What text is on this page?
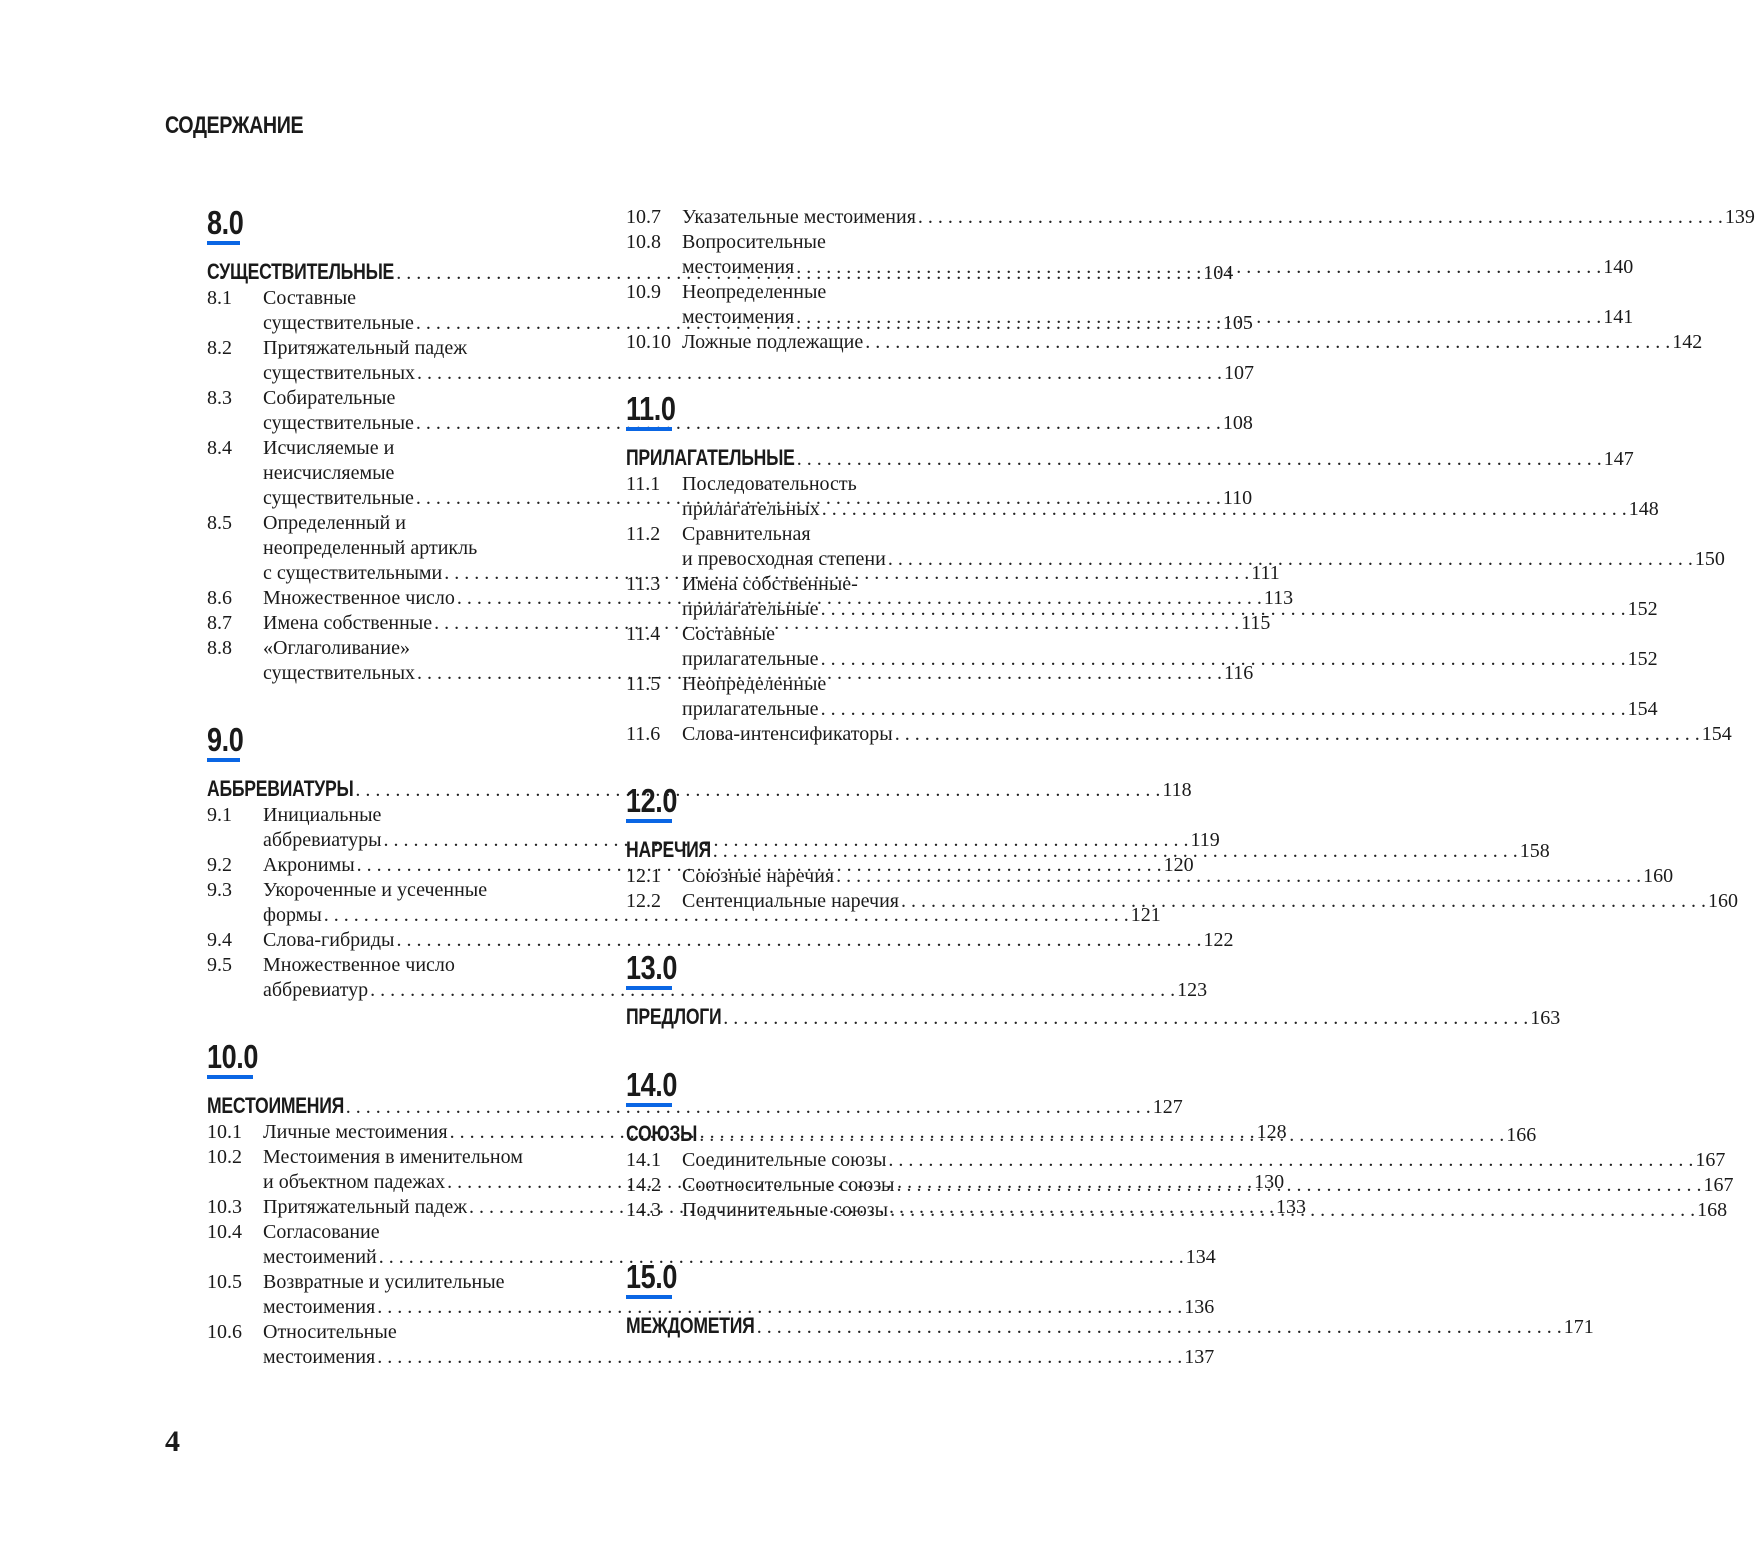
СОДЕРЖАНИЕ
8.0
СУЩЕСТВИТЕЛЬНЫЕ . . .	104
8.1	Составные
существительные . . .	105
8.2	Притяжательный падеж
существительных . . .	107
8.3	Собирательные
существительные . . .	108
8.4	Исчисляемые и
неисчисляемые
существительные . . .	110
8.5	Определенный и
неопределенный артикль
с существительными . . .	111
8.6	Множественное число . . .	113
8.7	Имена собственные . . .	115
8.8	«Оглаголивание»
существительных . . .	116
9.0
АББРЕВИАТУРЫ . . .	118
9.1	Инициальные
аббревиатуры . . .	119
9.2	Акронимы . . .	120
9.3	Укороченные и усеченные
формы . . .	121
9.4	Слова-гибриды . . .	122
9.5	Множественное число
аббревиатур . . .	123
10.0
МЕСТОИМЕНИЯ . . .	127
10.1	Личные местоимения . . .	128
10.2	Местоимения в именительном
и объектном падежах . . .	130
10.3	Притяжательный падеж . . .	133
10.4	Согласование
местоимений . . .	134
10.5	Возвратные и усилительные
местоимения . . .	136
10.6	Относительные
местоимения . . .	137
10.7	Указательные местоимения . . .	139
10.8	Вопросительные
местоимения . . .	140
10.9	Неопределенные
местоимения . . .	141
10.10 Ложные подлежащие . . .	142
11.0
ПРИЛАГАТЕЛЬНЫЕ . . .	147
11.1	Последовательность
прилагательных . . .	148
11.2	Сравнительная
и превосходная степени . . .	150
11.3	Имена собственные-
прилагательные . . .	152
11.4	Составные
прилагательные . . .	152
11.5	Неопределенные
прилагательные . . .	154
11.6	Слова-интенсификаторы . . .	154
12.0
НАРЕЧИЯ . . .	158
12.1	Союзные наречия . . .	160
12.2	Сентенциальные наречия . . .	160
13.0
ПРЕДЛОГИ . . .	163
14.0
СОЮЗЫ . . .	166
14.1	Соединительные союзы . . .	167
14.2	Соотносительные союзы . . .	167
14.3	Подчинительные союзы . . .	168
15.0
МЕЖДОМЕТИЯ . . .	171
4
